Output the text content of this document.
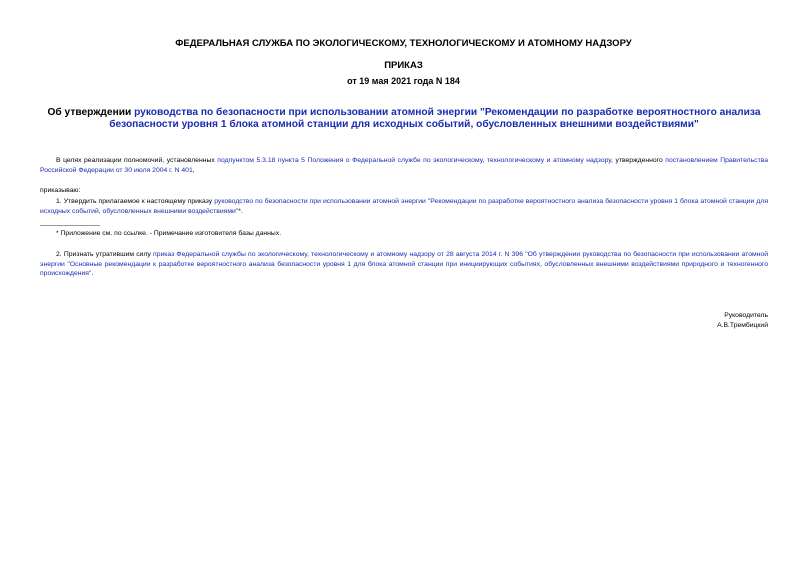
ФЕДЕРАЛЬНАЯ СЛУЖБА ПО ЭКОЛОГИЧЕСКОМУ, ТЕХНОЛОГИЧЕСКОМУ И АТОМНОМУ НАДЗОРУ
ПРИКАЗ
от 19 мая 2021 года N 184
Об утверждении руководства по безопасности при использовании атомной энергии "Рекомендации по разработке вероятностного анализа безопасности уровня 1 блока атомной станции для исходных событий, обусловленных внешними воздействиями"
В целях реализации полномочий, установленных подпунктом 5.3.18 пункта 5 Положения о Федеральной службе по экологическому, технологическому и атомному надзору, утвержденного постановлением Правительства Российской Федерации от 30 июля 2004 г. N 401,
приказываю:
1. Утвердить прилагаемое к настоящему приказу руководство по безопасности при использовании атомной энергии "Рекомендации по разработке вероятностного анализа безопасности уровня 1 блока атомной станции для исходных событий, обусловленных внешними воздействиями"*.
* Приложение см. по ссылке. - Примечание изготовителя базы данных.
2. Признать утратившим силу приказ Федеральной службы по экологическому, технологическому и атомному надзору от 28 августа 2014 г. N 396 "Об утверждении руководства по безопасности при использовании атомной энергии "Основные рекомендации к разработке вероятностного анализа безопасности уровня 1 для блока атомной станции при инициирующих событиях, обусловленных внешними воздействиями природного и техногенного происхождения".
Руководитель
А.В.Трембицкий
